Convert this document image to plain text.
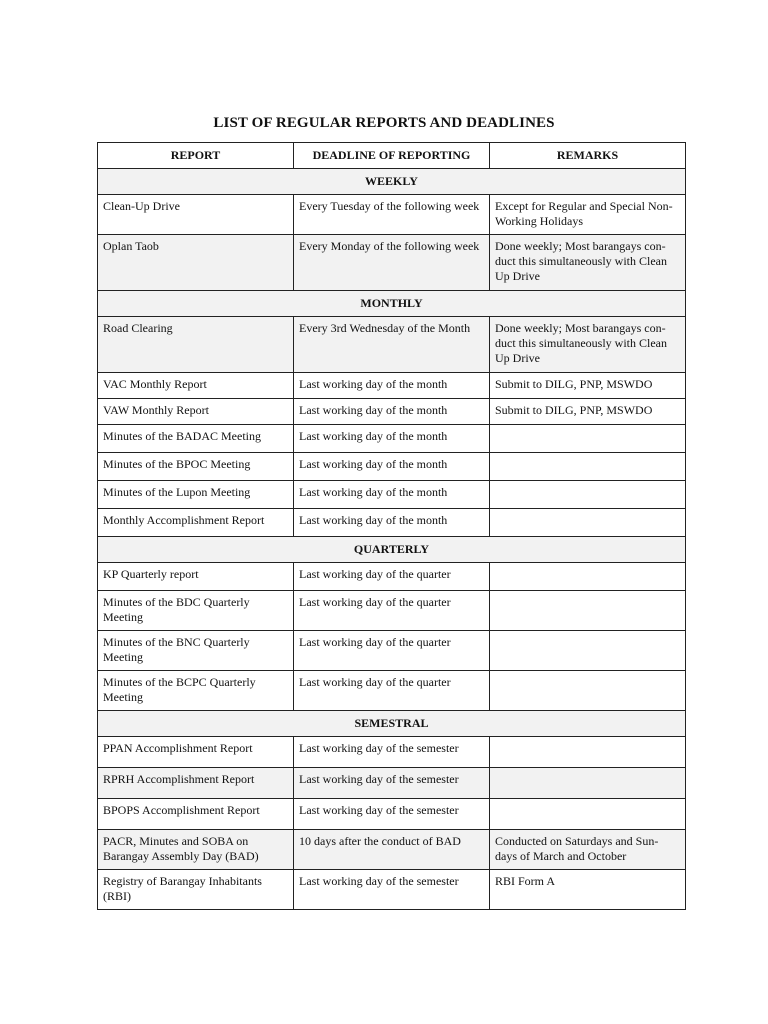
LIST OF REGULAR REPORTS AND DEADLINES
REPORT	DEADLINE OF REPORTING	REMARKS
WEEKLY		
Clean-Up Drive	Every Tuesday of the following week	Except for Regular and Special Non-Working Holidays
Oplan Taob	Every Monday of the following week	Done weekly; Most barangays con-duct this simultaneously with Clean Up Drive
MONTHLY		
Road Clearing	Every 3rd Wednesday of the Month	Done weekly; Most barangays con-duct this simultaneously with Clean Up Drive
VAC Monthly Report	Last working day of the month	Submit to DILG, PNP, MSWDO
VAW Monthly Report	Last working day of the month	Submit to DILG, PNP, MSWDO
Minutes of the BADAC Meeting	Last working day of the month	
Minutes of the BPOC Meeting	Last working day of the month	
Minutes of the Lupon Meeting	Last working day of the month	
Monthly Accomplishment Report	Last working day of the month	
QUARTERLY		
KP Quarterly report	Last working day of the quarter	
Minutes of the BDC Quarterly Meeting	Last working day of the quarter	
Minutes of the BNC Quarterly Meeting	Last working day of the quarter	
Minutes of the BCPC Quarterly Meeting	Last working day of the quarter	
SEMESTRAL		
PPAN Accomplishment Report	Last working day of the semester	
RPRH Accomplishment Report	Last working day of the semester	
BPOPS Accomplishment Report	Last working day of the semester	
PACR, Minutes and SOBA on Barangay Assembly Day (BAD)	10 days after the conduct of BAD	Conducted on Saturdays and Sun-days of March and October
Registry of Barangay Inhabitants (RBI)	Last working day of the semester	RBI Form A
